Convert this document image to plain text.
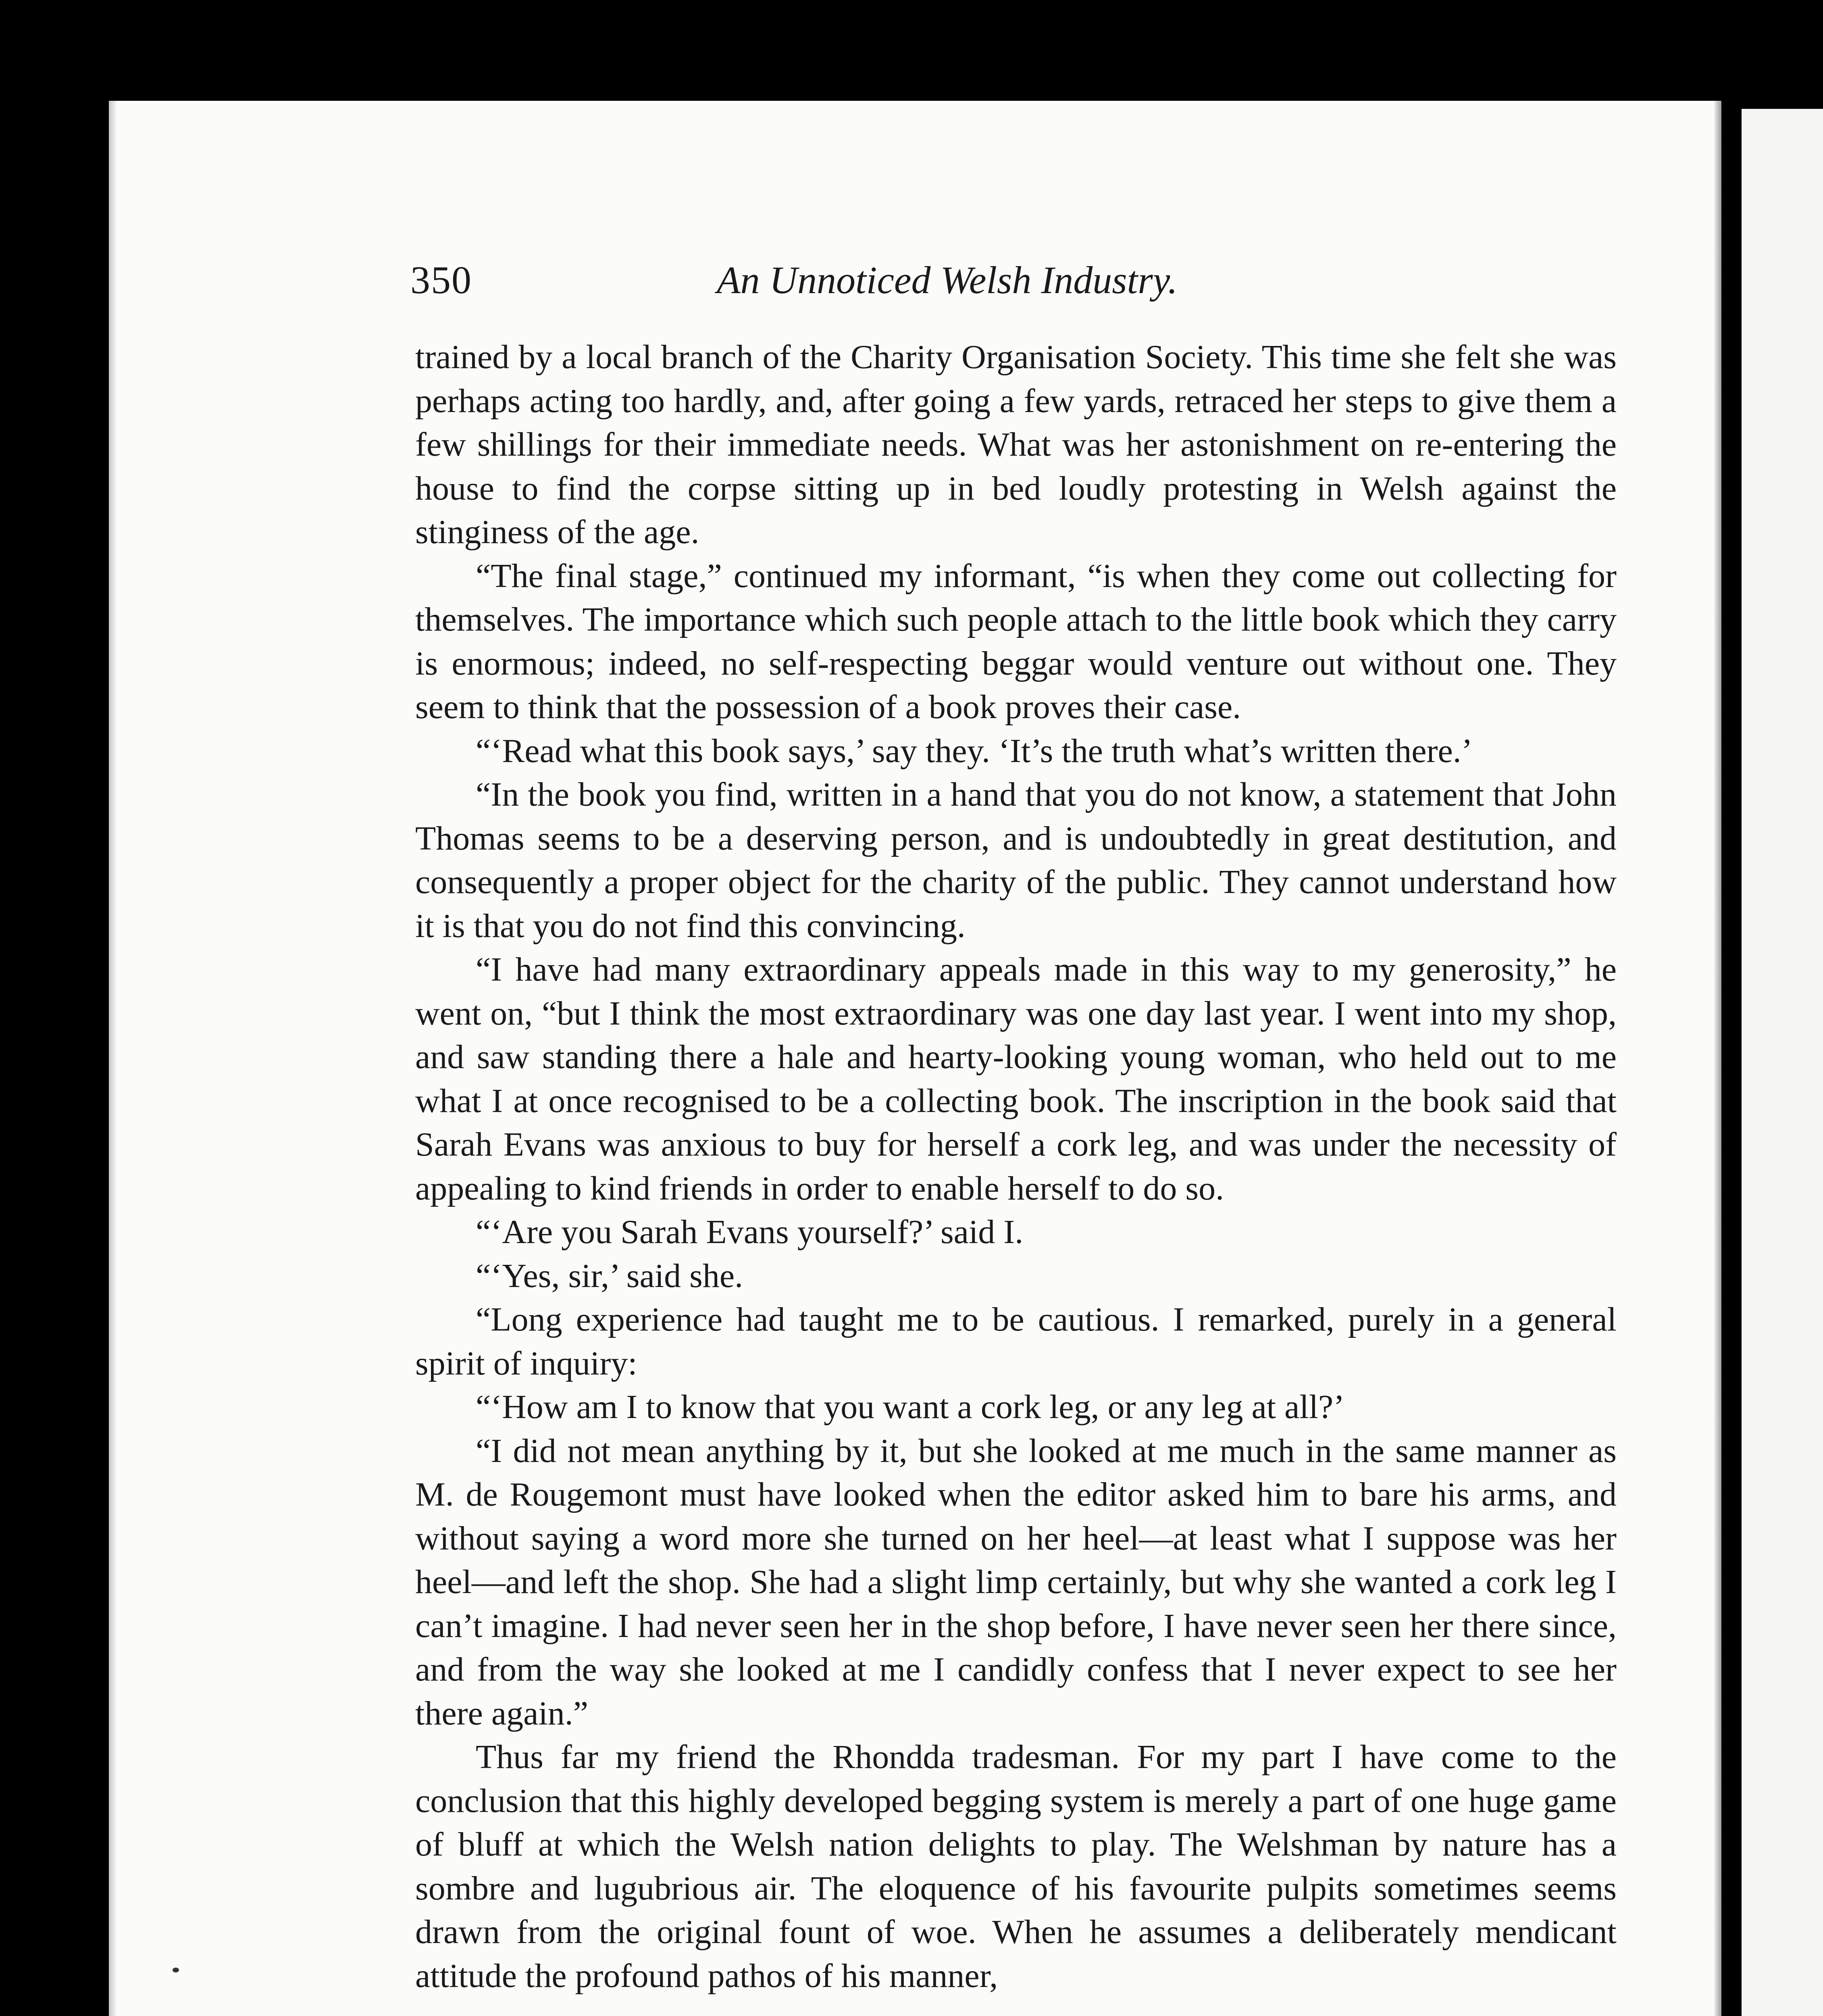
350	An Unnoticed Welsh Industry.

trained by a local branch of the Charity Organisation Society. This time she felt she was perhaps acting too hardly, and, after going a few yards, retraced her steps to give them a few shillings for their immediate needs. What was her astonishment on re-entering the house to find the corpse sitting up in bed loudly protesting in Welsh against the stinginess of the age.

“The final stage,” continued my informant, “is when they come out collecting for themselves. The importance which such people attach to the little book which they carry is enormous; indeed, no self-respecting beggar would venture out without one. They seem to think that the possession of a book proves their case.

“‘Read what this book says,’ say they. ‘It’s the truth what’s written there.’

“In the book you find, written in a hand that you do not know, a statement that John Thomas seems to be a deserving person, and is undoubtedly in great destitution, and consequently a proper object for the charity of the public. They cannot understand how it is that you do not find this convincing.

“I have had many extraordinary appeals made in this way to my generosity,” he went on, “but I think the most extraordinary was one day last year. I went into my shop, and saw standing there a hale and hearty-looking young woman, who held out to me what I at once recognised to be a collecting book. The inscription in the book said that Sarah Evans was anxious to buy for herself a cork leg, and was under the necessity of appealing to kind friends in order to enable herself to do so.

“‘Are you Sarah Evans yourself?’ said I.

“‘Yes, sir,’ said she.

“Long experience had taught me to be cautious. I remarked, purely in a general spirit of inquiry:

“‘How am I to know that you want a cork leg, or any leg at all?’

“I did not mean anything by it, but she looked at me much in the same manner as M. de Rougemont must have looked when the editor asked him to bare his arms, and without saying a word more she turned on her heel—at least what I suppose was her heel—and left the shop. She had a slight limp certainly, but why she wanted a cork leg I can’t imagine. I had never seen her in the shop before, I have never seen her there since, and from the way she looked at me I candidly confess that I never expect to see her there again.”

Thus far my friend the Rhondda tradesman. For my part I have come to the conclusion that this highly developed begging system is merely a part of one huge game of bluff at which the Welsh nation delights to play. The Welshman by nature has a sombre and lugubrious air. The eloquence of his favourite pulpits sometimes seems drawn from the original fount of woe. When he assumes a deliberately mendicant attitude the profound pathos of his manner,
